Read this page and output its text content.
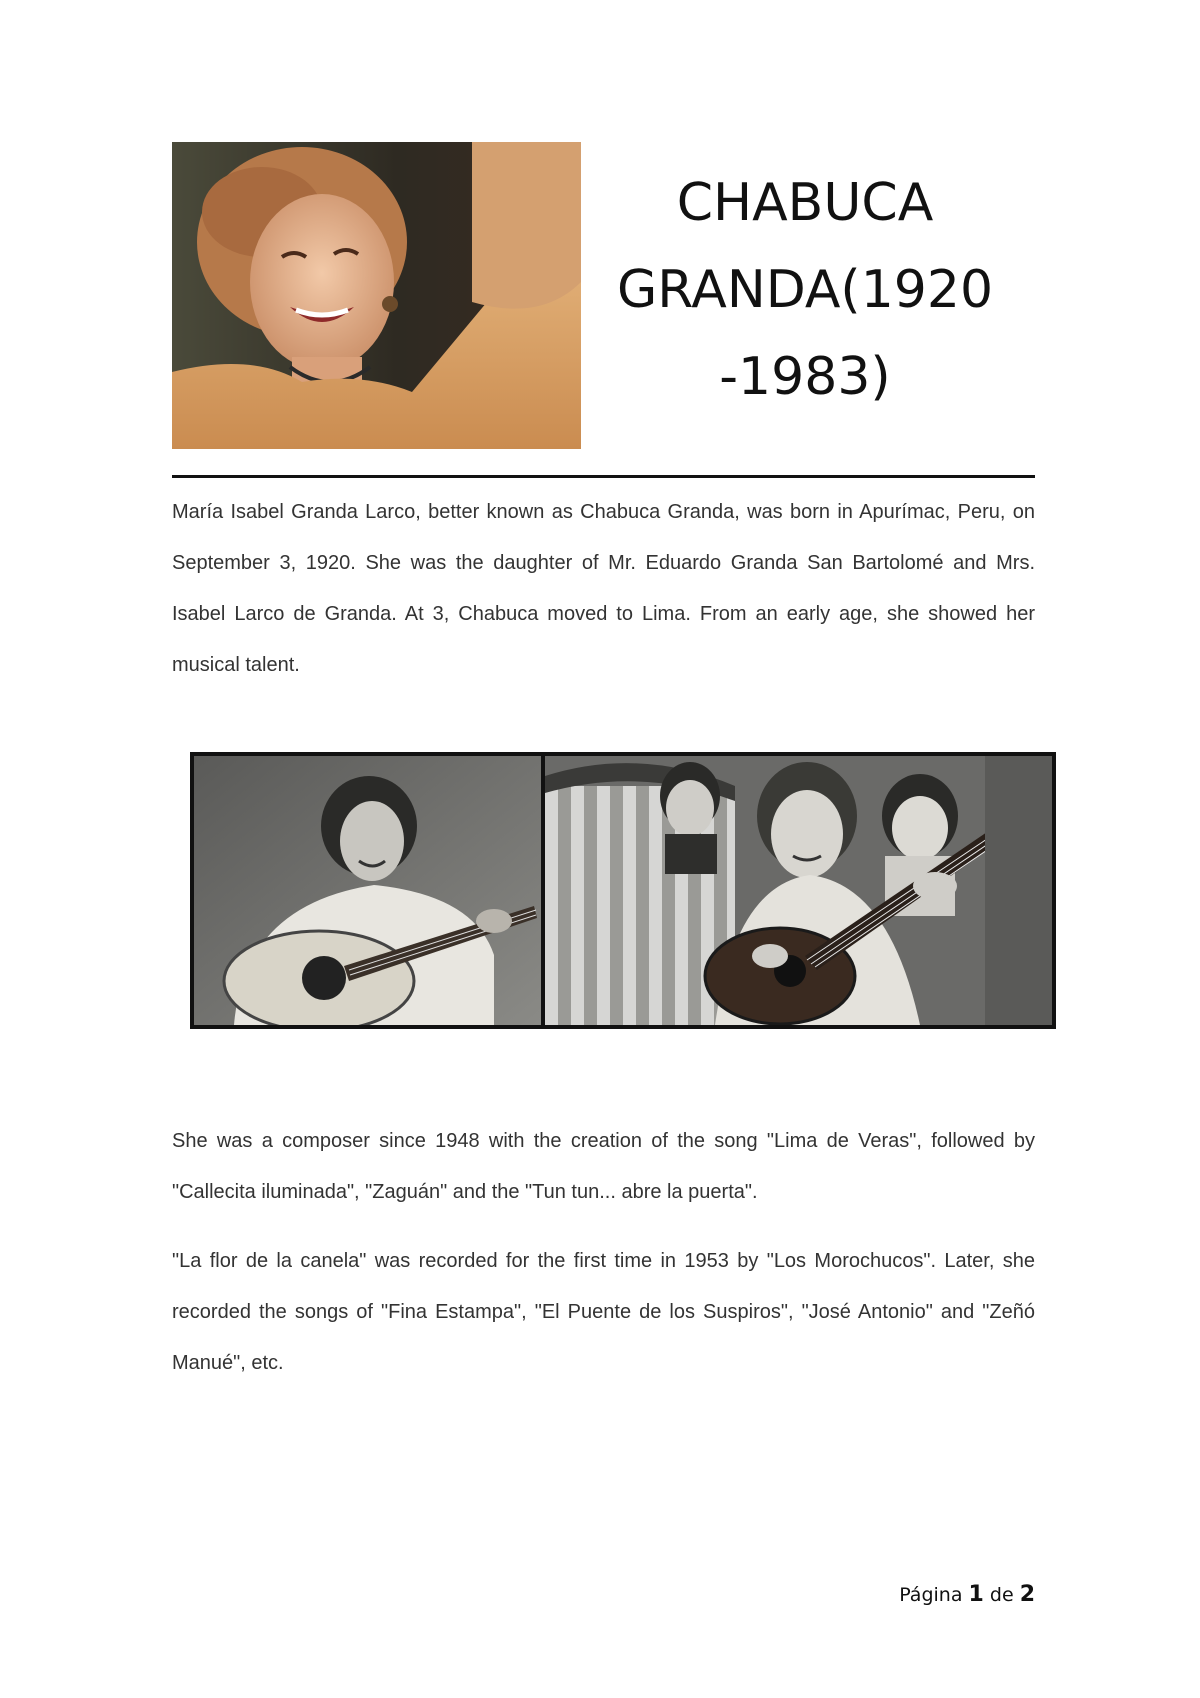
CHABUCA
GRANDA(1920
-1983)

María Isabel Granda Larco, better known as Chabuca Granda, was born in Apurímac, Peru, on September 3, 1920. She was the daughter of Mr. Eduardo Granda San Bartolomé and Mrs. Isabel Larco de Granda. At 3, Chabuca moved to Lima. From an early age, she showed her musical talent.

She was a composer since 1948 with the creation of the song "Lima de Veras", followed by "Callecita iluminada", "Zaguán" and the "Tun tun... abre la puerta".

"La flor de la canela" was recorded for the first time in 1953 by "Los Morochucos". Later, she recorded the songs of "Fina Estampa", "El Puente de los Suspiros", "José Antonio" and "Zeñó Manué", etc.

Página 1 de 2
